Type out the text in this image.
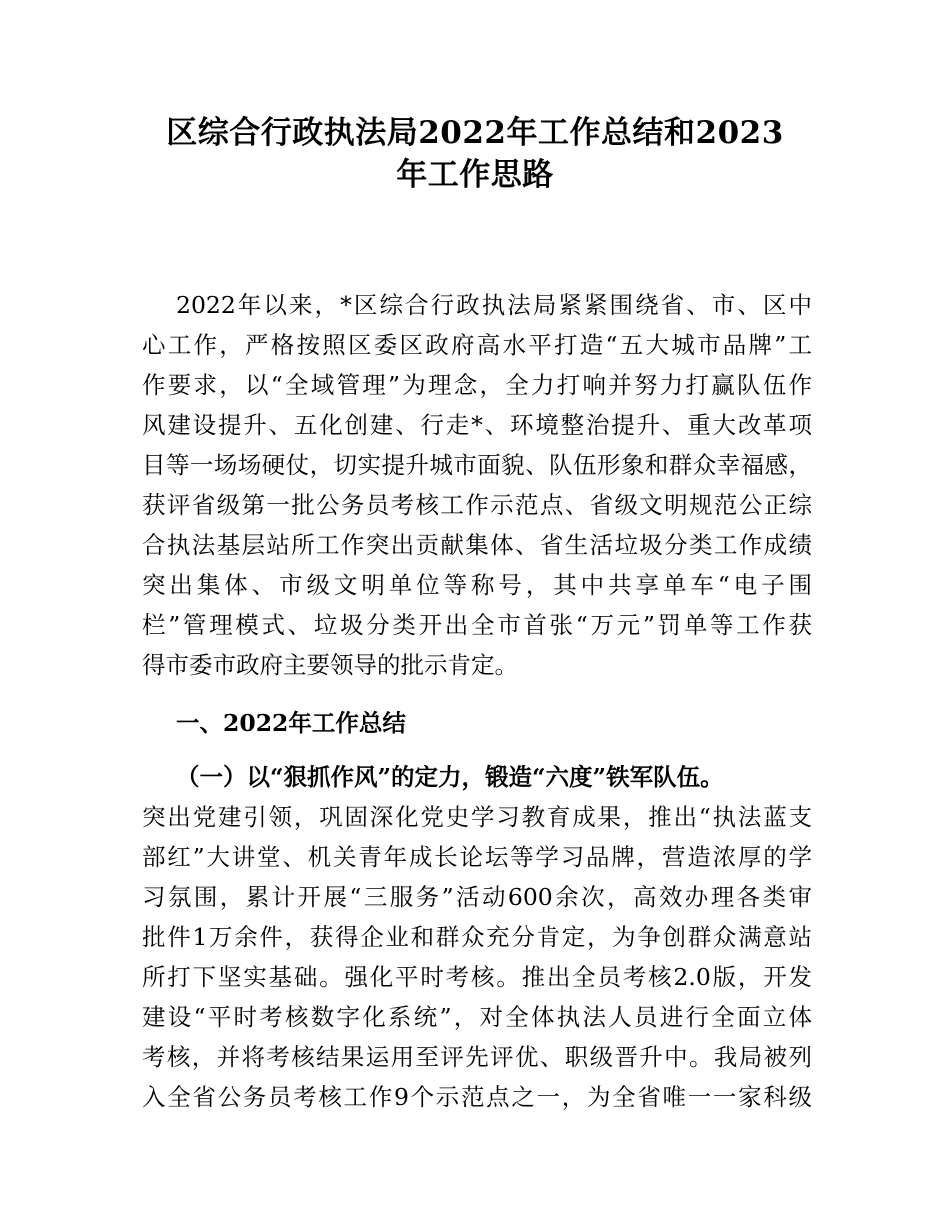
区综合行政执法局2022年工作总结和2023
年工作思路

2022年以来，*区综合行政执法局紧紧围绕省、市、区中

心工作，严格按照区委区政府高水平打造“五大城市品牌”工

作要求，以“全域管理”为理念，全力打响并努力打赢队伍作

风建设提升、五化创建、行走*、环境整治提升、重大改革项

目等一场场硬仗，切实提升城市面貌、队伍形象和群众幸福感，

获评省级第一批公务员考核工作示范点、省级文明规范公正综

合执法基层站所工作突出贡献集体、省生活垃圾分类工作成绩

突出集体、市级文明单位等称号，其中共享单车“电子围

栏”管理模式、垃圾分类开出全市首张“万元”罚单等工作获

得市委市政府主要领导的批示肯定。

一、2022年工作总结

（一）以“狠抓作风”的定力，锻造“六度”铁军队伍。

突出党建引领，巩固深化党史学习教育成果，推出“执法蓝支

部红”大讲堂、机关青年成长论坛等学习品牌，营造浓厚的学

习氛围，累计开展“三服务”活动600余次，高效办理各类审

批件1万余件，获得企业和群众充分肯定，为争创群众满意站

所打下坚实基础。强化平时考核。推出全员考核2.0版，开发

建设“平时考核数字化系统”，对全体执法人员进行全面立体

考核，并将考核结果运用至评先评优、职级晋升中。我局被列

入全省公务员考核工作9个示范点之一，为全省唯一一家科级
